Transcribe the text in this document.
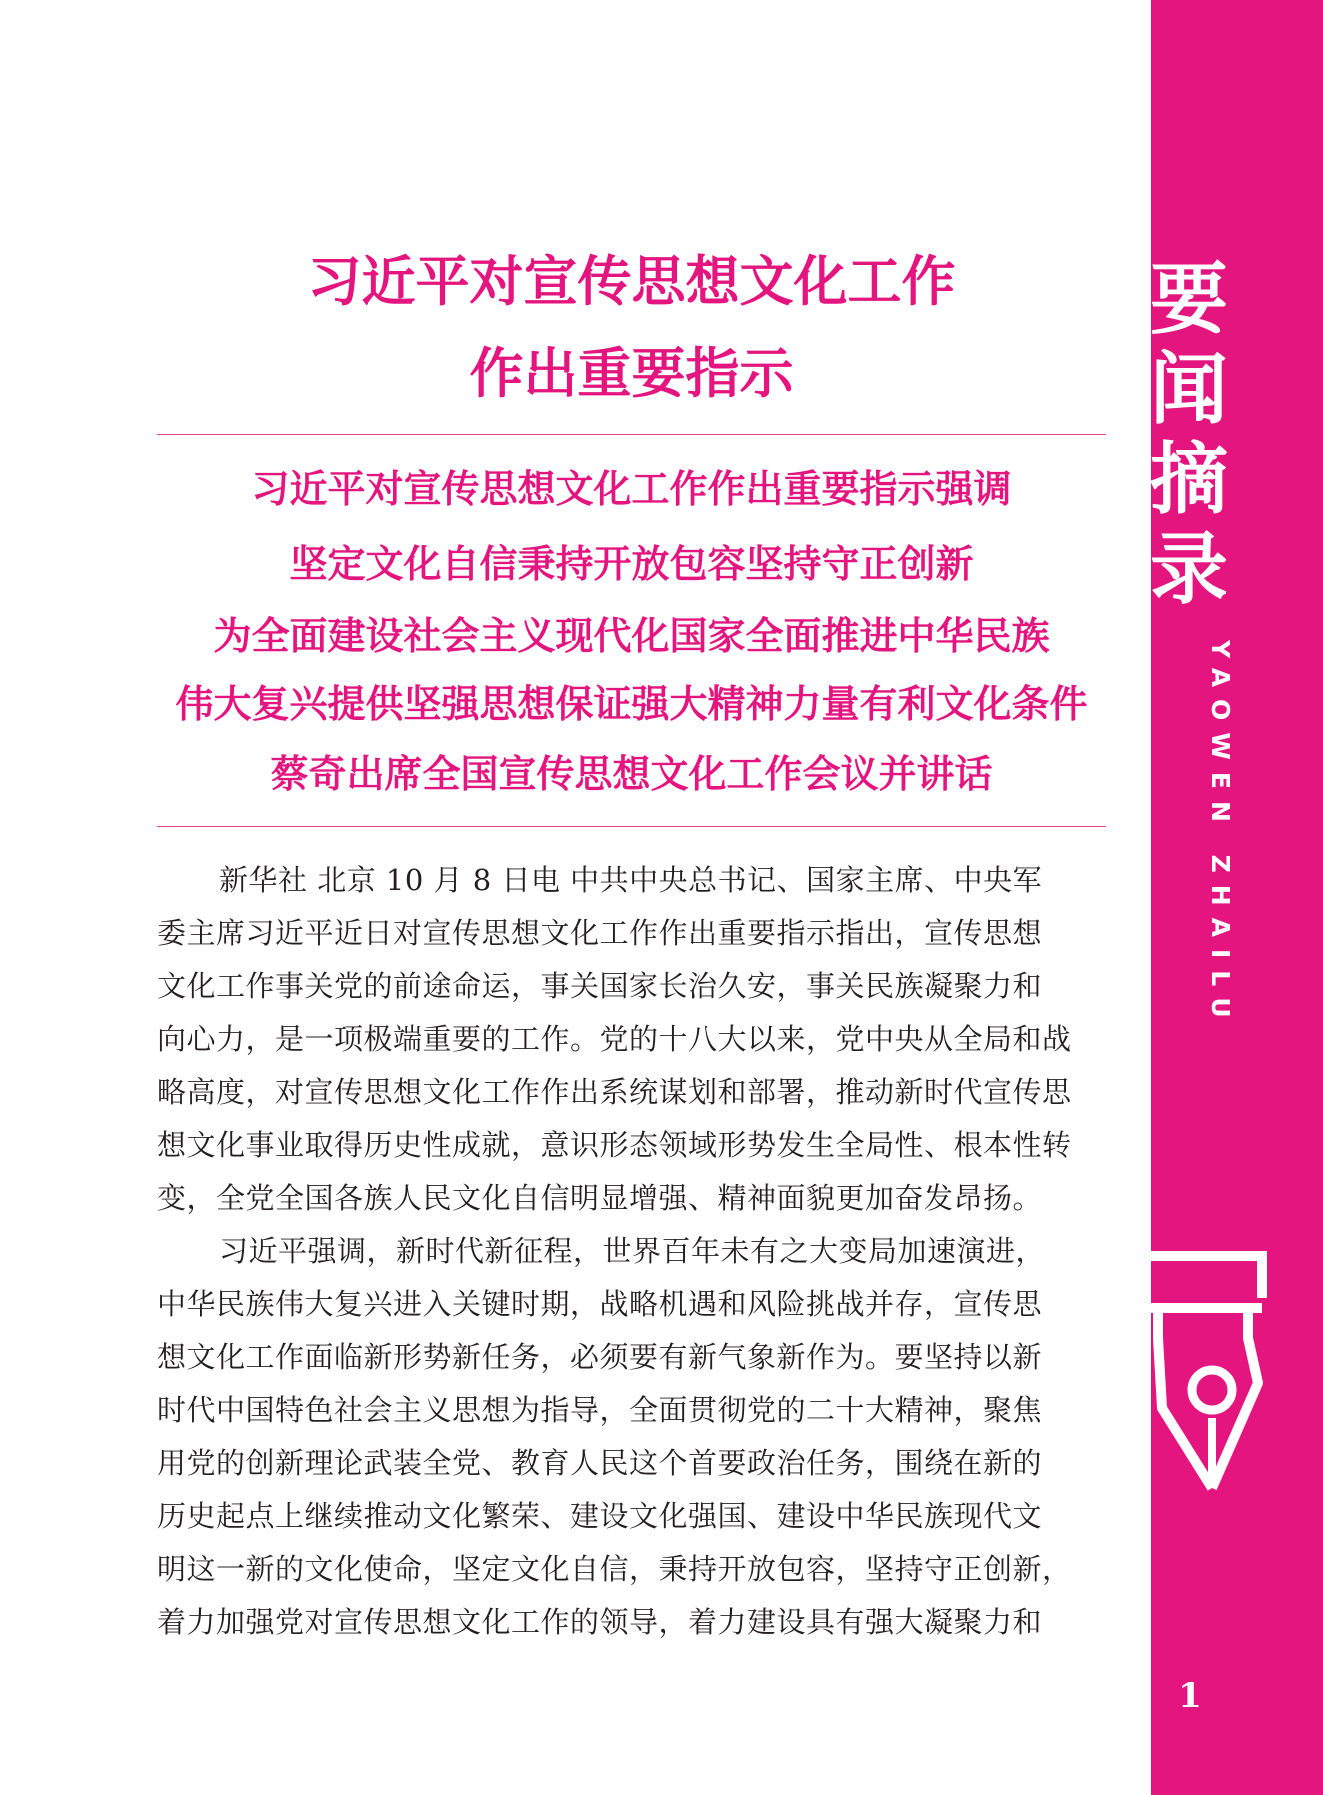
习近平对宣传思想文化工作
作出重要指示
习近平对宣传思想文化工作作出重要指示强调
坚定文化自信秉持开放包容坚持守正创新
为全面建设社会主义现代化国家全面推进中华民族
伟大复兴提供坚强思想保证强大精神力量有利文化条件
蔡奇出席全国宣传思想文化工作会议并讲话
新华社 北京 10 月 8 日电 中共中央总书记、国家主席、中央军
委主席习近平近日对宣传思想文化工作作出重要指示指出，宣传思想
文化工作事关党的前途命运，事关国家长治久安，事关民族凝聚力和
向心力，是一项极端重要的工作。党的十八大以来，党中央从全局和战
略高度，对宣传思想文化工作作出系统谋划和部署，推动新时代宣传思
想文化事业取得历史性成就，意识形态领域形势发生全局性、根本性转
变，全党全国各族人民文化自信明显增强、精神面貌更加奋发昂扬。
习近平强调，新时代新征程，世界百年未有之大变局加速演进，
中华民族伟大复兴进入关键时期，战略机遇和风险挑战并存，宣传思
想文化工作面临新形势新任务，必须要有新气象新作为。要坚持以新
时代中国特色社会主义思想为指导，全面贯彻党的二十大精神，聚焦
用党的创新理论武装全党、教育人民这个首要政治任务，围绕在新的
历史起点上继续推动文化繁荣、建设文化强国、建设中华民族现代文
明这一新的文化使命，坚定文化自信，秉持开放包容，坚持守正创新，
着力加强党对宣传思想文化工作的领导，着力建设具有强大凝聚力和
要
闻
摘
录
YAOWEN ZHAILU
1
